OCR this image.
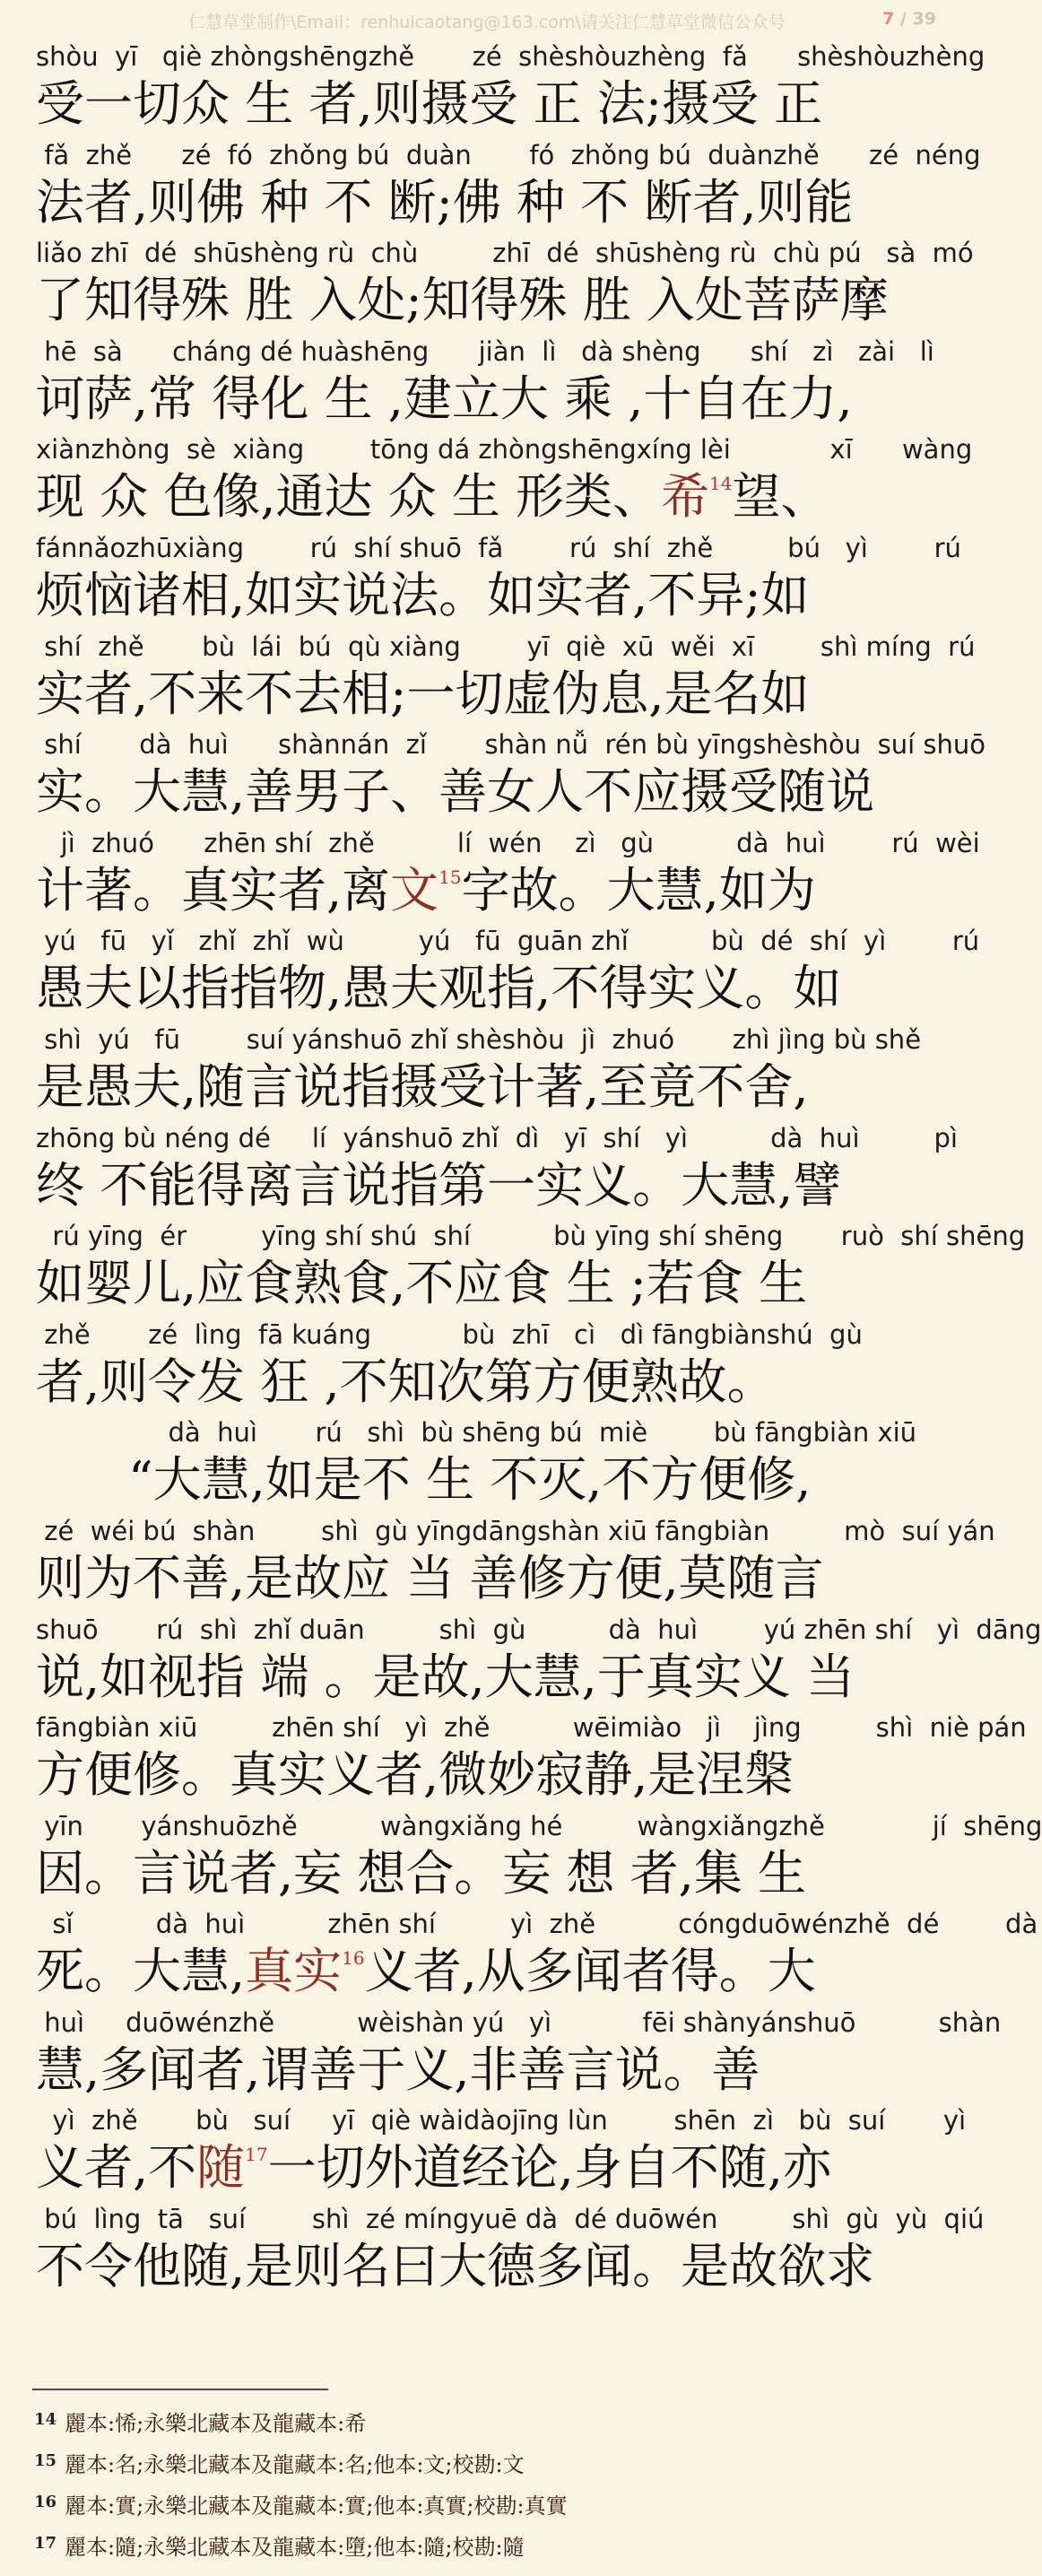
仁慧草堂制作\Email：renhuicaotang@163.com\请关注仁慧草堂微信公众号	7 / 39
shòu  yī   qiè zhòngshēngzhě       zé  shèshòuzhèng  fǎ      shèshòuzhèng
受一切众 生 者,则摄受 正 法;摄受 正
fǎ  zhě      zé  fó  zhǒng bú  duàn       fó  zhǒng bú  duànzhě      zé  néng
法者,则佛 种 不 断;佛 种 不 断者,则能
liǎo zhī  dé  shūshèng rù  chù         zhī  dé  shūshèng rù  chù pú   sà  mó
了知得殊 胜 入处;知得殊 胜 入处菩萨摩
hē  sà      cháng dé huàshēng      jiàn  lì   dà shèng      shí   zì   zài   lì
诃萨,常 得化 生 ,建立大 乘 ,十自在力,
xiànzhòng  sè  xiàng        tōng dá zhòngshēngxíng lèi            xī      wàng
现 众 色像,通达 众 生 形类、希$^{14}$望、
fánnǎozhūxiàng        rú  shí shuō  fǎ        rú  shí  zhě         bú   yì        rú
烦恼诸相,如实说法。如实者,不异;如
shí  zhě       bù  lái  bú  qù xiàng        yī  qiè  xū  wěi  xī        shì míng  rú
实者,不来不去相;一切虚伪息,是名如
shí       dà  huì      shànnán  zǐ       shàn nǚ  rén bù yīngshèshòu  suí shuō
实。大慧,善男子、善女人不应摄受随说
jì  zhuó      zhēn shí  zhě          lí  wén    zì   gù          dà  huì        rú  wèi
计著。真实者,离文$^{15}$字故。大慧,如为
yú   fū   yǐ   zhǐ  zhǐ  wù         yú   fū  guān zhǐ          bù  dé  shí  yì        rú
愚夫以指指物,愚夫观指,不得实义。如
shì  yú   fū        suí yánshuō zhǐ shèshòu  jì  zhuó       zhì jìng bù shě
是愚夫,随言说指摄受计著,至竟不舍,
zhōng bù néng dé     lí  yánshuō zhǐ  dì   yī  shí   yì          dà  huì         pì
终 不能得离言说指第一实义。大慧,譬
rú yīng  ér         yīng shí shú  shí          bù yīng shí shēng       ruò  shí shēng
如婴儿,应食熟食,不应食 生 ;若食 生
zhě       zé  lìng  fā kuáng           bù  zhī   cì   dì fāngbiànshú  gù
者,则令发 狂 ,不知次第方便熟故。
dà  huì       rú   shì  bù shēng bú  miè        bù fāngbiàn xiū
“大慧,如是不 生 不灭,不方便修,
zé  wéi bú  shàn        shì  gù yīngdāngshàn xiū fāngbiàn         mò  suí yán
则为不善,是故应 当 善修方便,莫随言
shuō       rú  shì  zhǐ duān         shì  gù          dà  huì        yú zhēn shí   yì  dāng
说,如视指 端 。是故,大慧,于真实义 当
fāngbiàn xiū         zhēn shí   yì  zhě          wēimiào   jì    jìng         shì  niè pán
方便修。真实义者,微妙寂静,是涅槃
yīn       yánshuōzhě          wàngxiǎng hé         wàngxiǎngzhě             jí  shēng
因。言说者,妄 想合。妄 想 者,集 生
sǐ          dà  huì          zhēn shí         yì  zhě          cóngduōwénzhě  dé        dà
死。大慧,真实$^{16}$义者,从多闻者得。大
huì     duōwénzhě          wèishàn yú   yì           fēi shànyánshuō          shàn
慧,多闻者,谓善于义,非善言说。善
yì  zhě       bù   suí     yī  qiè wàidàojīng lùn        shēn  zì   bù  suí       yì
义者,不随$^{17}$一切外道经论,身自不随,亦
bú  lìng  tā   suí        shì  zé míngyuē dà  dé duōwén         shì  gù  yù  qiú
不令他随,是则名曰大德多闻。是故欲求
14 麗本:悕;永樂北藏本及龍藏本:希
15 麗本:名;永樂北藏本及龍藏本:名;他本:文;校勘:文
16 麗本:實;永樂北藏本及龍藏本:實;他本:真實;校勘:真實
17 麗本:隨;永樂北藏本及龍藏本:墮;他本:隨;校勘:隨
